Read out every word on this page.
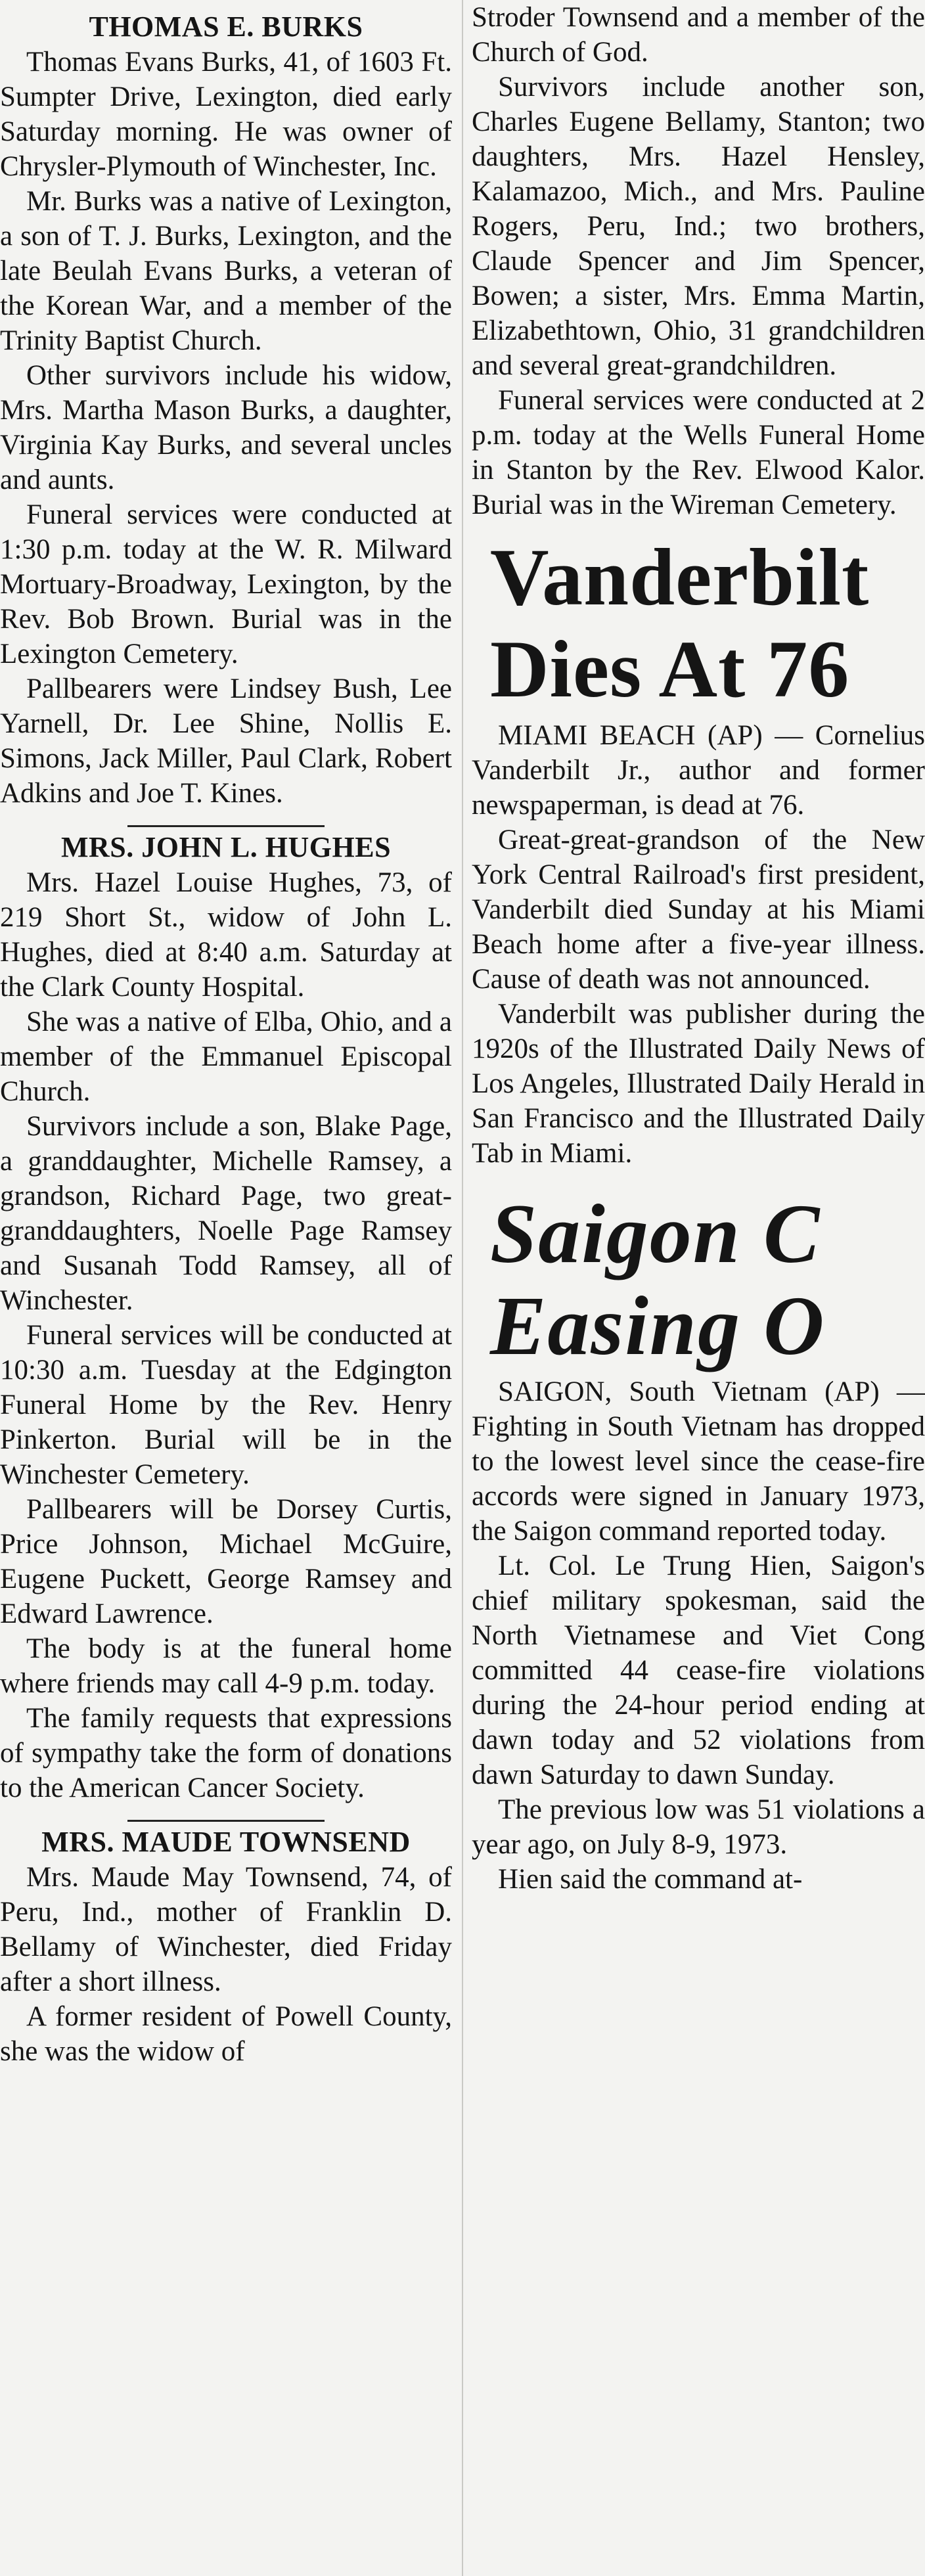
THOMAS E. BURKS

Thomas Evans Burks, 41, of 1603 Ft. Sumpter Drive, Lexington, died early Saturday morning. He was owner of Chrysler-Plymouth of Winchester, Inc.

Mr. Burks was a native of Lexington, a son of T. J. Burks, Lexington, and the late Beulah Evans Burks, a veteran of the Korean War, and a member of the Trinity Baptist Church.

Other survivors include his widow, Mrs. Martha Mason Burks, a daughter, Virginia Kay Burks, and several uncles and aunts.

Funeral services were conducted at 1:30 p.m. today at the W. R. Milward Mortuary-Broadway, Lexington, by the Rev. Bob Brown. Burial was in the Lexington Cemetery.

Pallbearers were Lindsey Bush, Lee Yarnell, Dr. Lee Shine, Nollis E. Simons, Jack Miller, Paul Clark, Robert Adkins and Joe T. Kines.

MRS. JOHN L. HUGHES

Mrs. Hazel Louise Hughes, 73, of 219 Short St., widow of John L. Hughes, died at 8:40 a.m. Saturday at the Clark County Hospital.

She was a native of Elba, Ohio, and a member of the Emmanuel Episcopal Church.

Survivors include a son, Blake Page, a granddaughter, Michelle Ramsey, a grandson, Richard Page, two great-granddaughters, Noelle Page Ramsey and Susanah Todd Ramsey, all of Winchester.

Funeral services will be conducted at 10:30 a.m. Tuesday at the Edgington Funeral Home by the Rev. Henry Pinkerton. Burial will be in the Winchester Cemetery.

Pallbearers will be Dorsey Curtis, Price Johnson, Michael McGuire, Eugene Puckett, George Ramsey and Edward Lawrence.

The body is at the funeral home where friends may call 4-9 p.m. today.

The family requests that expressions of sympathy take the form of donations to the American Cancer Society.

MRS. MAUDE TOWNSEND

Mrs. Maude May Townsend, 74, of Peru, Ind., mother of Franklin D. Bellamy of Winchester, died Friday after a short illness.

A former resident of Powell County, she was the widow of

Stroder Townsend and a member of the Church of God.

Survivors include another son, Charles Eugene Bellamy, Stanton; two daughters, Mrs. Hazel Hensley, Kalamazoo, Mich., and Mrs. Pauline Rogers, Peru, Ind.; two brothers, Claude Spencer and Jim Spencer, Bowen; a sister, Mrs. Emma Martin, Elizabethtown, Ohio, 31 grandchildren and several great-grandchildren.

Funeral services were conducted at 2 p.m. today at the Wells Funeral Home in Stanton by the Rev. Elwood Kalor. Burial was in the Wireman Cemetery.

Vanderbilt
Dies At 76

MIAMI BEACH (AP) — Cornelius Vanderbilt Jr., author and former newspaperman, is dead at 76.

Great-great-grandson of the New York Central Railroad's first president, Vanderbilt died Sunday at his Miami Beach home after a five-year illness. Cause of death was not announced.

Vanderbilt was publisher during the 1920s of the Illustrated Daily News of Los Angeles, Illustrated Daily Herald in San Francisco and the Illustrated Daily Tab in Miami.

Saigon C
Easing O

SAIGON, South Vietnam (AP) — Fighting in South Vietnam has dropped to the lowest level since the cease-fire accords were signed in January 1973, the Saigon command reported today.

Lt. Col. Le Trung Hien, Saigon's chief military spokesman, said the North Vietnamese and Viet Cong committed 44 cease-fire violations during the 24-hour period ending at dawn today and 52 violations from dawn Saturday to dawn Sunday.

The previous low was 51 violations a year ago, on July 8-9, 1973.

Hien said the command at-
